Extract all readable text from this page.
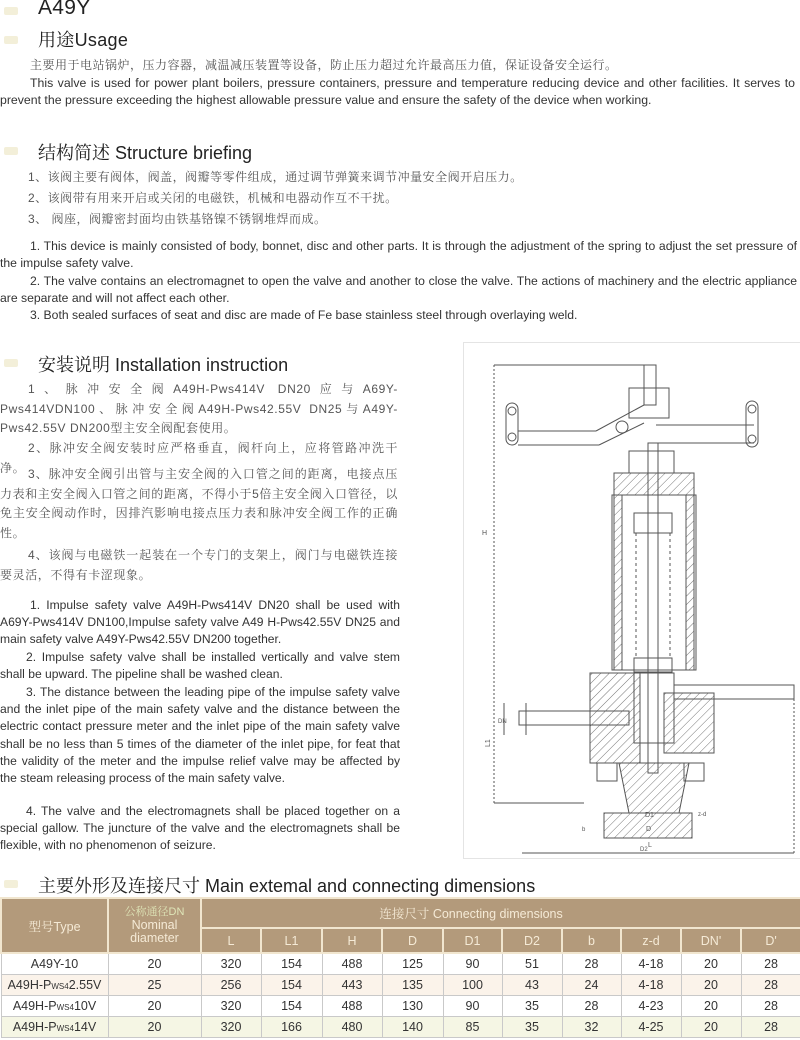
A49Y
用途Usage
主要用于电站锅炉，压力容器，减温减压装置等设备，防止压力超过允许最高压力值，保证设备安全运行。
This valve is used for power plant boilers, pressure containers, pressure and temperature reducing device and other facilities. It serves to prevent the pressure exceeding the highest allowable pressure value and ensure the safety of the device when working.
结构简述 Structure briefing
1、该阀主要有阀体，阀盖，阀瓣等零件组成，通过调节弹簧来调节冲量安全阀开启压力。
2、该阀带有用来开启或关闭的电磁铁，机械和电器动作互不干扰。
3、 阀座，阀瓣密封面均由铁基铬镍不锈钢堆焊而成。
1. This device is mainly consisted of body, bonnet, disc and other parts. It is through the adjustment of the spring to adjust the set pressure of the impulse safety valve.
2. The valve contains an electromagnet to open the valve and another to close the valve. The actions of machinery and the electric appliance are separate and will not affect each other.
3. Both sealed surfaces of seat and disc are made of Fe base stainless steel through overlaying weld.
安装说明 Installation instruction
1、脉冲安全阀A49H-Pws414V DN20应与A69Y-Pws414VDN100、脉冲安全阀A49H-Pws42.55V DN25与A49Y-Pws42.55V DN200型主安全阀配套使用。
2、脉冲安全阀安装时应严格垂直，阀杆向上，应将管路冲洗干净。 3、脉冲安全阀引出管与主安全阀的入口管之间的距离，电接点压力表和主安全阀入口管之间的距离，不得小于5倍主安全阀入口管径，以免主安全阀动作时，因排汽影响电接点压力表和脉冲安全阀工作的正确性。
4、该阀与电磁铁一起装在一个专门的支架上，阀门与电磁铁连接要灵活，不得有卡涩现象。
1. Impulse safety valve A49H-Pws414V DN20 shall be used with A69Y-Pws414V DN100,Impulse safety valve A49 H-Pws42.55V DN25 and main safety valve A49Y-Pws42.55V DN200 together.
2. Impulse safety valve shall be installed vertically and valve stem shall be upward. The pipeline shall be washed clean.
3. The distance between the leading pipe of the impulse safety valve and the inlet pipe of the main safety valve and the distance between the electric contact pressure meter and the inlet pipe of the main safety valve shall be no less than 5 times of the diameter of the inlet pipe, for feat that the validity of the meter and the impulse relief valve may be affected by the steam releasing process of the main safety valve.
4. The valve and the electromagnets shall be placed together on a special gallow. The juncture of the valve and the electromagnets shall be flexible, with no phenomenon of seizure.
H
L1
DN
z-d
b
D2
D1
D
L
主要外形及连接尺寸 Main extemal and connecting dimensions
型号Type	公称通径DN
Nominal
diameter	连接尺寸 Connecting dimensions									
		L	L1	H	D	D1	D2	b	z-d	DN'	D'
A49Y-10	20	320	154	488	125	90	51	28	4-18	20	28
A49H-PWS42.55V	25	256	154	443	135	100	43	24	4-18	20	28
A49H-PWS410V	20	320	154	488	130	90	35	28	4-23	20	28
A49H-PWS414V	20	320	166	480	140	85	35	32	4-25	20	28
